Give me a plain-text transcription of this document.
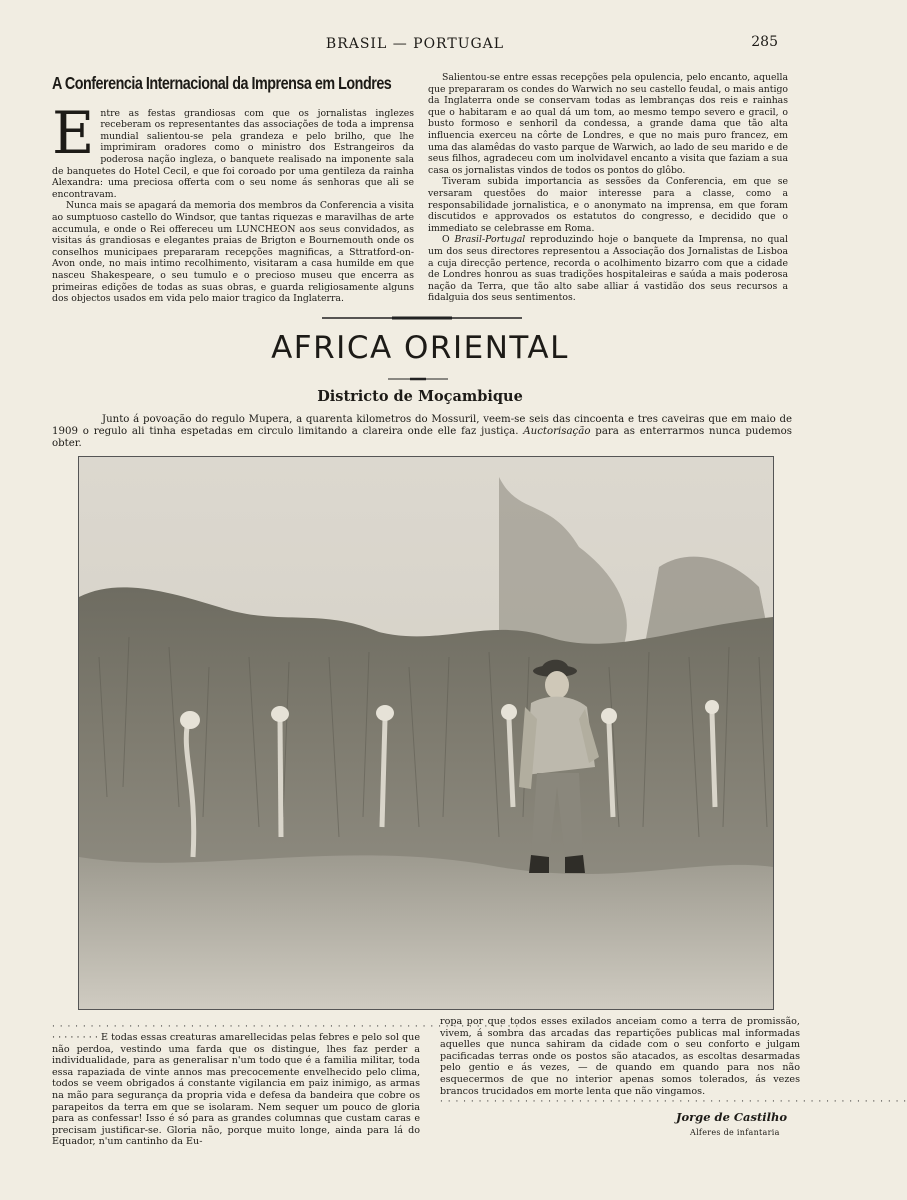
BRASIL — PORTUGAL	285
A Conferencia Internacional da Imprensa em Londres

Entre as festas grandiosas com que os jornalistas inglezes receberam os representantes das associações de toda a imprensa mundial salientou-se pela grandeza e pelo brilho, que lhe imprimiram oradores como o ministro dos Estrangeiros da poderosa nação ingleza, o banquete realisado na imponente sala de banquetes do Hotel Cecil, e que foi coroado por uma gentileza da rainha Alexandra: uma preciosa offerta com o seu nome ás senhoras que ali se encontravam.

Nunca mais se apagará da memoria dos membros da Conferencia a visita ao sumptuoso castello do Windsor, que tantas riquezas e maravilhas de arte accumula, e onde o Rei offereceu um LUNCHEON aos seus convidados, as visitas ás grandiosas e elegantes praias de Brigton e Bournemouth onde os conselhos municipaes prepararam recepções magnificas, a Sttratford-on-Avon onde, no mais intimo recolhimento, visitaram a casa humilde em que nasceu Shakespeare, o seu tumulo e o precioso museu que encerra as primeiras edições de todas as suas obras, e guarda religiosamente alguns dos objectos usados em vida pelo maior tragico da Inglaterra.

Salientou-se entre essas recepções pela opulencia, pelo encanto, aquella que prepararam os condes do Warwich no seu castello feudal, o mais antigo da Inglaterra onde se conservam todas as lembranças dos reis e rainhas que o habitaram e ao qual dá um tom, ao mesmo tempo severo e gracil, o busto formoso e senhoril da condessa, a grande dama que tão alta influencia exerceu na côrte de Londres, e que no mais puro francez, em uma das alamêdas do vasto parque de Warwich, ao lado de seu marido e de seus filhos, agradeceu com um inolvidavel encanto a visita que faziam a sua casa os jornalistas vindos de todos os pontos do glôbo.

Tiveram subida importancia as sessões da Conferencia, em que se versaram questões do maior interesse para a classe, como a responsabilidade jornalistica, e o anonymato na imprensa, em que foram discutidos e approvados os estatutos do congresso, e decidido que o immediato se celebrasse em Roma.

O Brasil-Portugal reproduzindo hoje o banquete da Imprensa, no qual um dos seus directores representou a Associação dos Jornalistas de Lisboa a cuja direcção pertence, recorda o acolhimento bizarro com que a cidade de Londres honrou as suas tradições hospitaleiras e saúda a mais poderosa nação da Terra, que tão alto sabe alliar á vastidão dos seus recursos a fidalguia dos seus sentimentos.

AFRICA ORIENTAL
Districto de Moçambique
Junto á povoação do regulo Mupera, a quarenta kilometros do Mossuril, veem-se seis das cincoenta e tres caveiras que em maio de 1909 o regulo ali tinha espetadas em circulo limitando a clareira onde elle faz justiça. Auctorisação para as enterrarmos nunca pudemos obter.
· · · · · · · · · · · · · · · · · · · · · · · · · · · · · · · · · · · · · · · · · · · · · · · · · · · · · · · · · · · · ·

· · · · · · · · E todas essas creaturas amarellecidas pelas febres e pelo sol que não perdoa, vestindo uma farda que os distingue, lhes faz perder a individualidade, para as generalisar n'um todo que é a familia militar, toda essa rapaziada de vinte annos mas precocemente envelhecido pelo clima, todos se veem obrigados á constante vigilancia em paiz inimigo, as armas na mão para segurança da propria vida e defesa da bandeira que cobre os parapeitos da terra em que se isolaram. Nem sequer um pouco de gloria para as confessar! Isso é só para as grandes columnas que custam caras e precisam justificar-se. Gloria não, porque muito longe, ainda para lá do Equador, n'um cantinho da Eu-

ropa por que todos esses exilados anceiam como a terra de promissão, vivem, á sombra das arcadas das repartições publicas mal informadas aquelles que nunca sahiram da cidade com o seu conforto e julgam pacificadas terras onde os postos são atacados, as escoltas desarmadas pelo gentio e ás vezes, — de quando em quando para nos não esquecermos de que no interior apenas somos tolerados, ás vezes brancos trucidados em morte lenta que não vingamos.

· · · · · · · · · · · · · · · · · · · · · · · · · · · · · · · · · · · · · · · · · · · · · · · · · · · · · · · · · · · · ·
Jorge de Castilho
Alferes de infantaria
